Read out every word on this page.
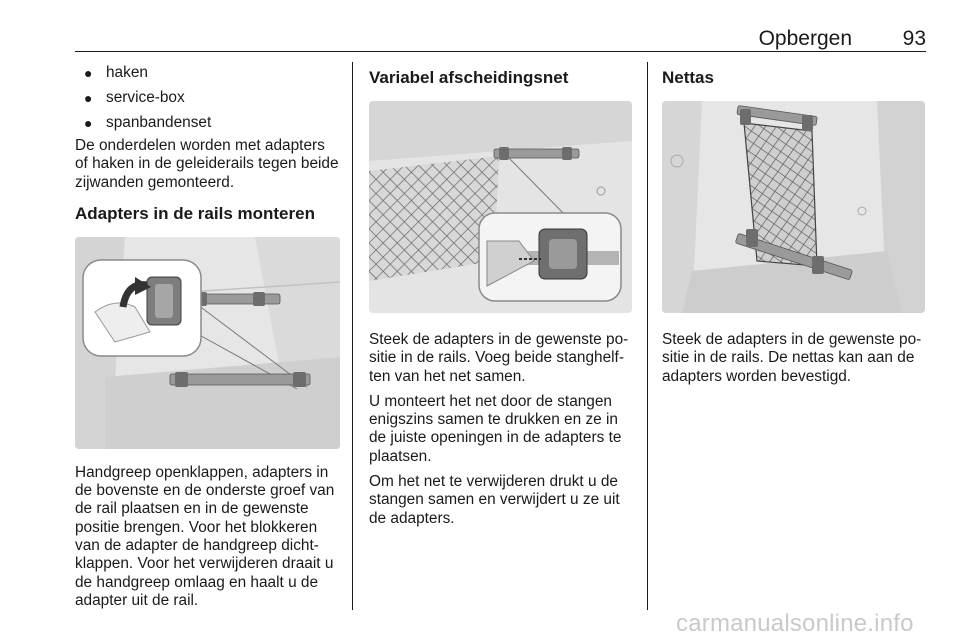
Opbergen	93
● haken
● service-box
● spanbandenset

De onderdelen worden met adapters of haken in de geleiderails tegen beide zijwanden gemonteerd.

Adapters in de rails monteren

Handgreep openklappen, adapters in de bovenste en de onderste groef van de rail plaatsen en in de gewenste positie brengen. Voor het blokkeren van de adapter de handgreep dichtklappen. Voor het verwijderen draait u de handgreep omlaag en haalt u de adapter uit de rail.

Variabel afscheidingsnet

Steek de adapters in de gewenste positie in de rails. Voeg beide stanghelften van het net samen.

U monteert het net door de stangen enigszins samen te drukken en ze in de juiste openingen in de adapters te plaatsen.

Om het net te verwijderen drukt u de stangen samen en verwijdert u ze uit de adapters.

Nettas

Steek de adapters in de gewenste positie in de rails. De nettas kan aan de adapters worden bevestigd.

carmanualsonline.info
